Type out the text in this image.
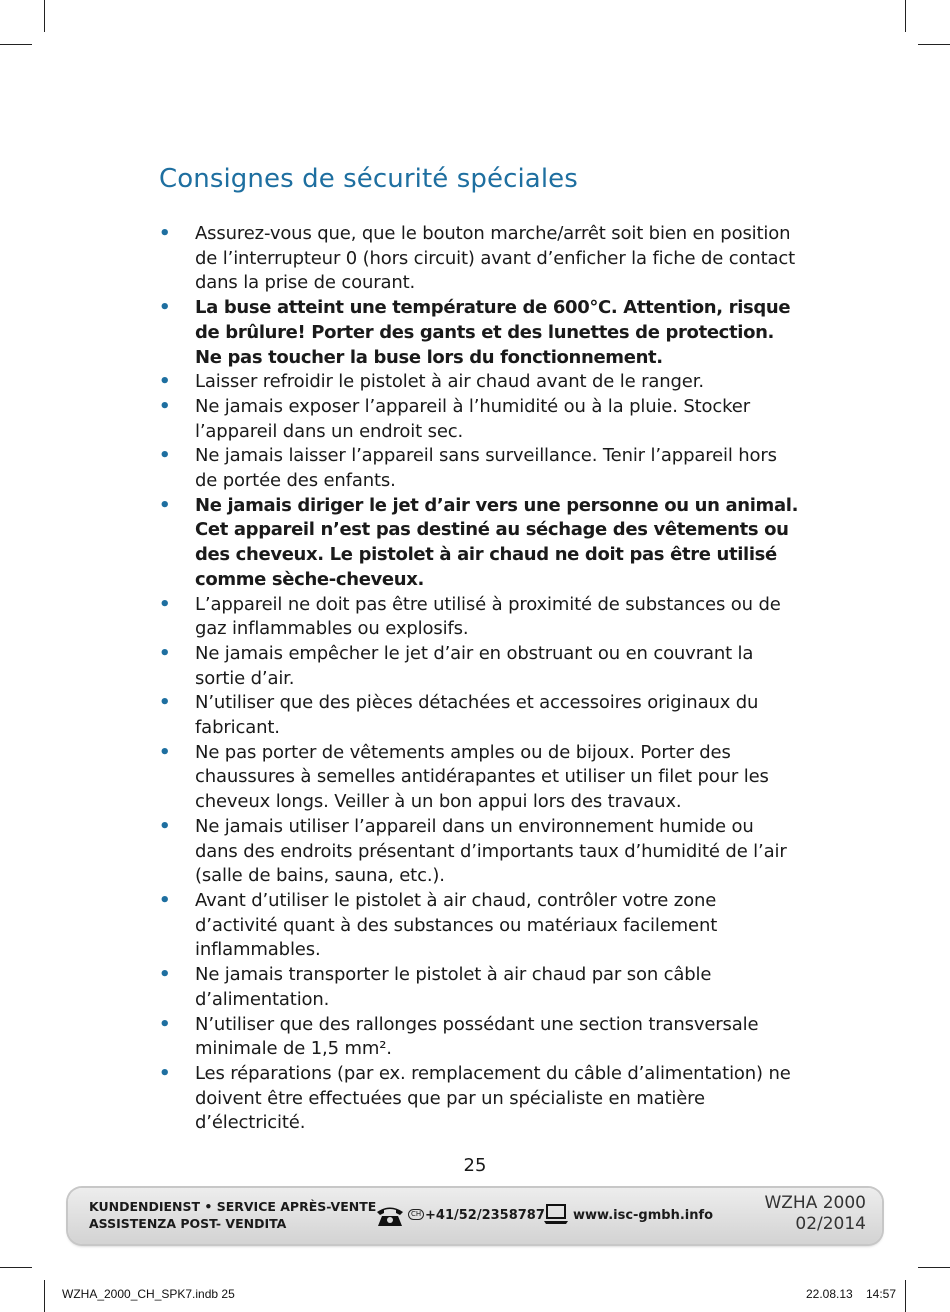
Consignes de sécurité spéciales
• Assurez-vous que, que le bouton marche/arrêt soit bien en position de l’interrupteur 0 (hors circuit) avant d’enficher la fiche de contact dans la prise de courant.
• La buse atteint une température de 600°C. Attention, risque de brûlure! Porter des gants et des lunettes de protection. Ne pas toucher la buse lors du fonctionnement.
• Laisser refroidir le pistolet à air chaud avant de le ranger.
• Ne jamais exposer l’appareil à l’humidité ou à la pluie. Stocker l’appareil dans un endroit sec.
• Ne jamais laisser l’appareil sans surveillance. Tenir l’appareil hors de portée des enfants.
• Ne jamais diriger le jet d’air vers une personne ou un animal. Cet appareil n’est pas destiné au séchage des vêtements ou des cheveux. Le pistolet à air chaud ne doit pas être utilisé comme sèche-cheveux.
• L’appareil ne doit pas être utilisé à proximité de substances ou de gaz inflammables ou explosifs.
• Ne jamais empêcher le jet d’air en obstruant ou en couvrant la sortie d’air.
• N’utiliser que des pièces détachées et accessoires originaux du fabricant.
• Ne pas porter de vêtements amples ou de bijoux. Porter des chaussures à semelles antidérapantes et utiliser un filet pour les cheveux longs. Veiller à un bon appui lors des travaux.
• Ne jamais utiliser l’appareil dans un environnement humide ou dans des endroits présentant d’importants taux d’humidité de l’air (salle de bains, sauna, etc.).
• Avant d’utiliser le pistolet à air chaud, contrôler votre zone d’activité quant à des substances ou matériaux facilement inflammables.
• Ne jamais transporter le pistolet à air chaud par son câble d’alimentation.
• N’utiliser que des rallonges possédant une section transversale minimale de 1,5 mm².
• Les réparations (par ex. remplacement du câble d’alimentation) ne doivent être effectuées que par un spécialiste en matière d’électricité.
25
KUNDENDIENST • SERVICE APRÈS-VENTE
ASSISTENZA POST- VENDITA
CH +41/52/2358787 www.isc-gmbh.info
WZHA 2000
02/2014
WZHA_2000_CH_SPK7.indb 25	22.08.13 14:57
